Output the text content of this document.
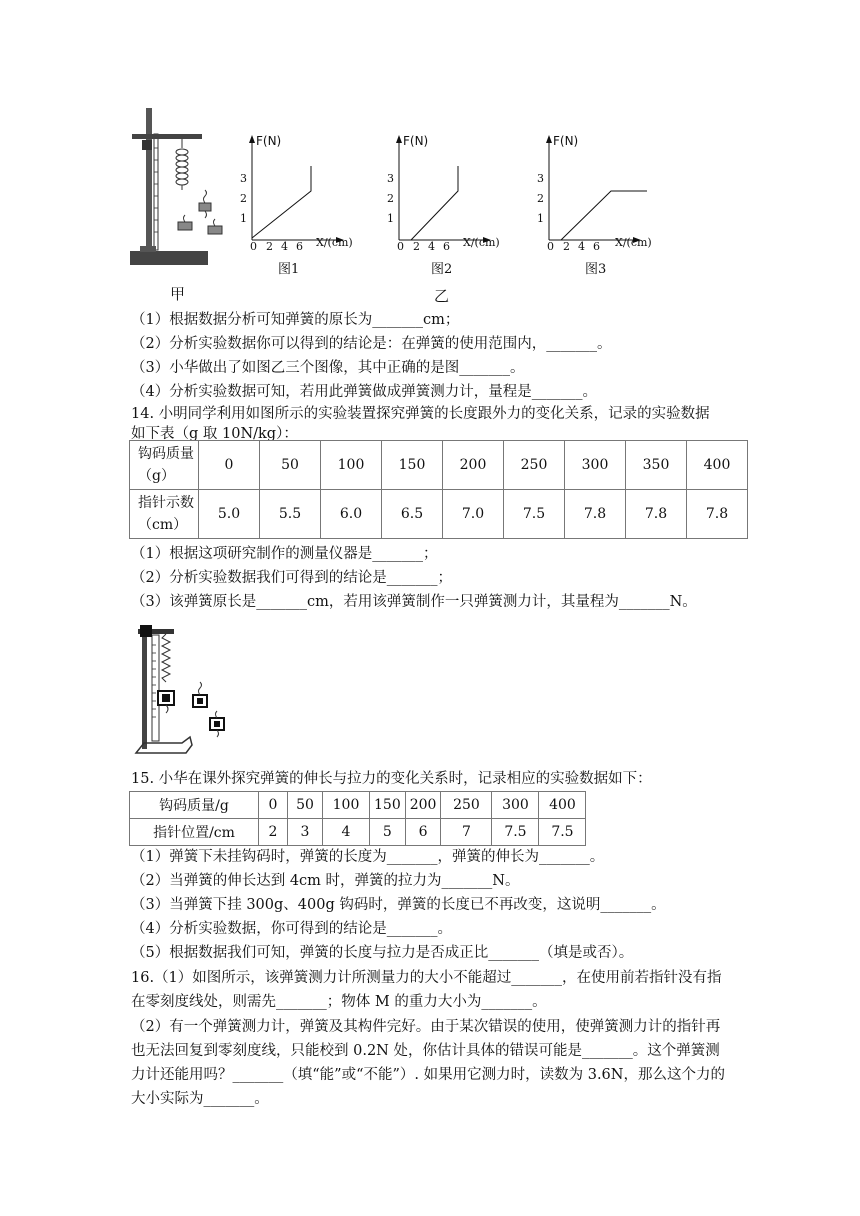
甲	乙
F(N)
3
2
1
0 2 4 6 X/(cm)
图1
F(N)
3
2
1
0 2 4 6 X/(cm)
图2
F(N)
3
2
1
0 2 4 6 X/(cm)
图3
（1）根据数据分析可知弹簧的原长为_______cm；
（2）分析实验数据你可以得到的结论是：在弹簧的使用范围内，_______。
（3）小华做出了如图乙三个图像，其中正确的是图_______。
（4）分析实验数据可知，若用此弹簧做成弹簧测力计，量程是_______。
14. 小明同学利用如图所示的实验装置探究弹簧的长度跟外力的变化关系，记录的实验数据
如下表（g 取 10N/kg）：
钩码质量（g）	0	50	100	150	200	250	300	350	400
指针示数（cm）	5.0	5.5	6.0	6.5	7.0	7.5	7.8	7.8	7.8
（1）根据这项研究制作的测量仪器是_______；
（2）分析实验数据我们可得到的结论是_______；
（3）该弹簧原长是_______cm，若用该弹簧制作一只弹簧测力计，其量程为_______N。
15. 小华在课外探究弹簧的伸长与拉力的变化关系时，记录相应的实验数据如下：
钩码质量/g	0	50	100	150	200	250	300	400
指针位置/cm	2	3	4	5	6	7	7.5	7.5
（1）弹簧下未挂钩码时，弹簧的长度为_______，弹簧的伸长为_______。
（2）当弹簧的伸长达到 4cm 时，弹簧的拉力为_______N。
（3）当弹簧下挂 300g、400g 钩码时，弹簧的长度已不再改变，这说明_______。
（4）分析实验数据，你可得到的结论是_______。
（5）根据数据我们可知，弹簧的长度与拉力是否成正比_______（填是或否）。
16.（1）如图所示，该弹簧测力计所测量力的大小不能超过_______，在使用前若指针没有指在零刻度线处，则需先_______；物体 M 的重力大小为_______。
（2）有一个弹簧测力计，弹簧及其构件完好。由于某次错误的使用，使弹簧测力计的指针再也无法回复到零刻度线，只能校到 0.2N 处，你估计具体的错误可能是_______。这个弹簧测力计还能用吗？_______（填“能”或“不能”）. 如果用它测力时，读数为 3.6N，那么这个力的大小实际为_______。
